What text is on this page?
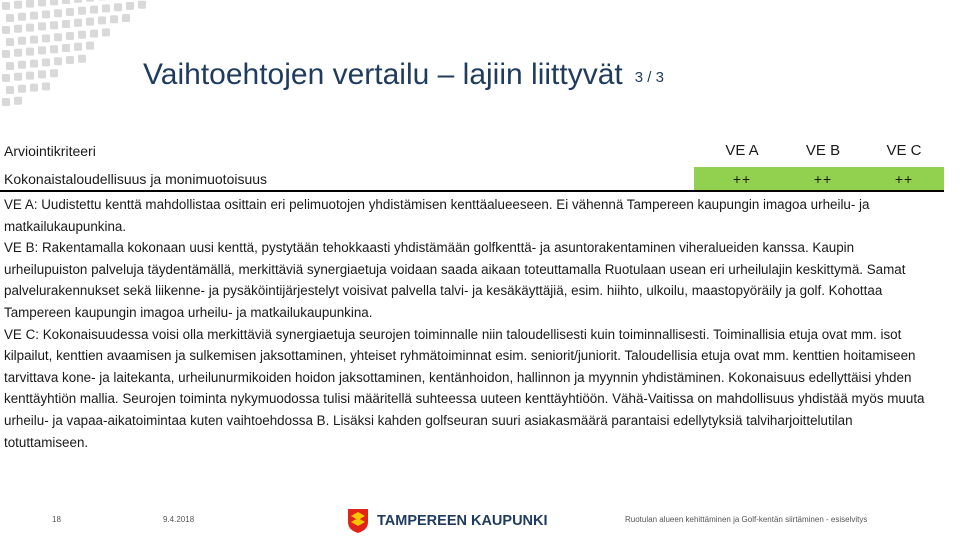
Vaihtoehtojen vertailu – lajiin liittyvät 3 / 3
Arviointikriteeri	VE A	VE B	VE C
Kokonaistaloudellisuus ja monimuotoisuus	++	++	++

VE A: Uudistettu kenttä mahdollistaa osittain eri pelimuotojen yhdistämisen kenttäalueeseen. Ei vähennä Tampereen kaupungin imagoa urheilu- ja matkailukaupunkina.

VE B: Rakentamalla kokonaan uusi kenttä, pystytään tehokkaasti yhdistämään golfkenttä- ja asuntorakentaminen viheralueiden kanssa. Kaupin urheilupuiston palveluja täydentämällä, merkittäviä synergiaetuja voidaan saada aikaan toteuttamalla Ruotulaan usean eri urheilulajin keskittymä. Samat palvelurakennukset sekä liikenne- ja pysäköintijärjestelyt voisivat palvella talvi- ja kesäkäyttäjiä, esim. hiihto, ulkoilu, maastopyöräily ja golf. Kohottaa Tampereen kaupungin imagoa urheilu- ja matkailukaupunkina.

VE C: Kokonaisuudessa voisi olla merkittäviä synergiaetuja seurojen toiminnalle niin taloudellisesti kuin toiminnallisesti. Toiminallisia etuja ovat mm. isot kilpailut, kenttien avaamisen ja sulkemisen jaksottaminen, yhteiset ryhmätoiminnat esim. seniorit/juniorit. Taloudellisia etuja ovat mm. kenttien hoitamiseen tarvittava kone- ja laitekanta, urheilunurmikoiden hoidon jaksottaminen, kentänhoidon, hallinnon ja myynnin yhdistäminen. Kokonaisuus edellyttäisi yhden kenttäyhtiön mallia. Seurojen toiminta nykymuodossa tulisi määritellä suhteessa uuteen kenttäyhtiöön. Vähä-Vaitissa on mahdollisuus yhdistää myös muuta urheilu- ja vapaa-aikatoimintaa kuten vaihtoehdossa B. Lisäksi kahden golfseuran suuri asiakasmäärä parantaisi edellytyksiä talviharjoittelutilan totuttamiseen.

18	9.4.2018	TAMPEREEN KAUPUNKI	Ruotulan alueen kehittäminen ja Golf-kentän siirtäminen - esiselvitys
